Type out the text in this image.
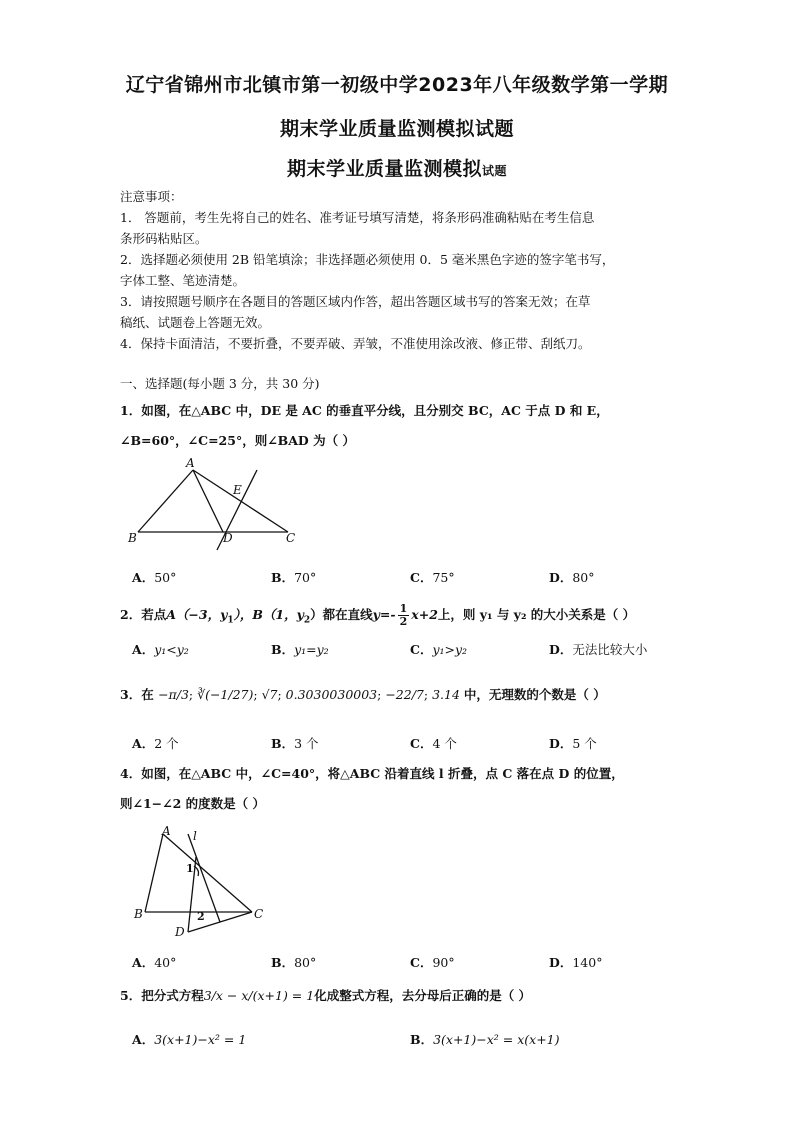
辽宁省锦州市北镇市第一初级中学2023年八年级数学第一学期
期末学业质量监测模拟试题
期末学业质量监测模拟试题
注意事项：
1． 答题前，考生先将自己的姓名、准考证号填写清楚，将条形码准确粘贴在考生信息
条形码粘贴区。
2．选择题必须使用 2B 铅笔填涂；非选择题必须使用 0．5 毫米黑色字迹的签字笔书写，
字体工整、笔迹清楚。
3．请按照题号顺序在各题目的答题区域内作答，超出答题区域书写的答案无效；在草
稿纸、试题卷上答题无效。
4．保持卡面清洁，不要折叠，不要弄破、弄皱，不准使用涂改液、修正带、刮纸刀。
一、选择题(每小题 3 分，共 30 分)
1．如图，在△ABC 中，DE 是 AC 的垂直平分线，且分别交 BC，AC 于点 D 和 E，
∠B=60°，∠C=25°，则∠BAD 为（ ）
A
B	C
D
E
A．50°	B．70°	C．75°	D．80°
2．若点A（−3，$y_1$），B（1，$y_2$）都在直线$y=- \frac{1}{2} x+2$上，则 y₁ 与 y₂ 的大小关系是（ ）
A．y₁<y₂	B．y₁=y₂	C．y₁>y₂	D．无法比较大小
3．在 −π/3; ∛(−1/27); √7; 0.3030030003; −22/7; 3.14 中，无理数的个数是（ ）
A．2 个	B．3 个	C．4 个	D．5 个
4．如图，在△ABC 中，∠C=40°，将△ABC 沿着直线 l 折叠，点 C 落在点 D 的位置，
则∠1−∠2 的度数是（ ）
A l
1
2
B	C
D
A．40°	B．80°	C．90°	D．140°
5．把分式方程3/x − x/(x+1) = 1化成整式方程，去分母后正确的是（ ）
A．3(x+1)−x² = 1	B．3(x+1)−x² = x(x+1)
